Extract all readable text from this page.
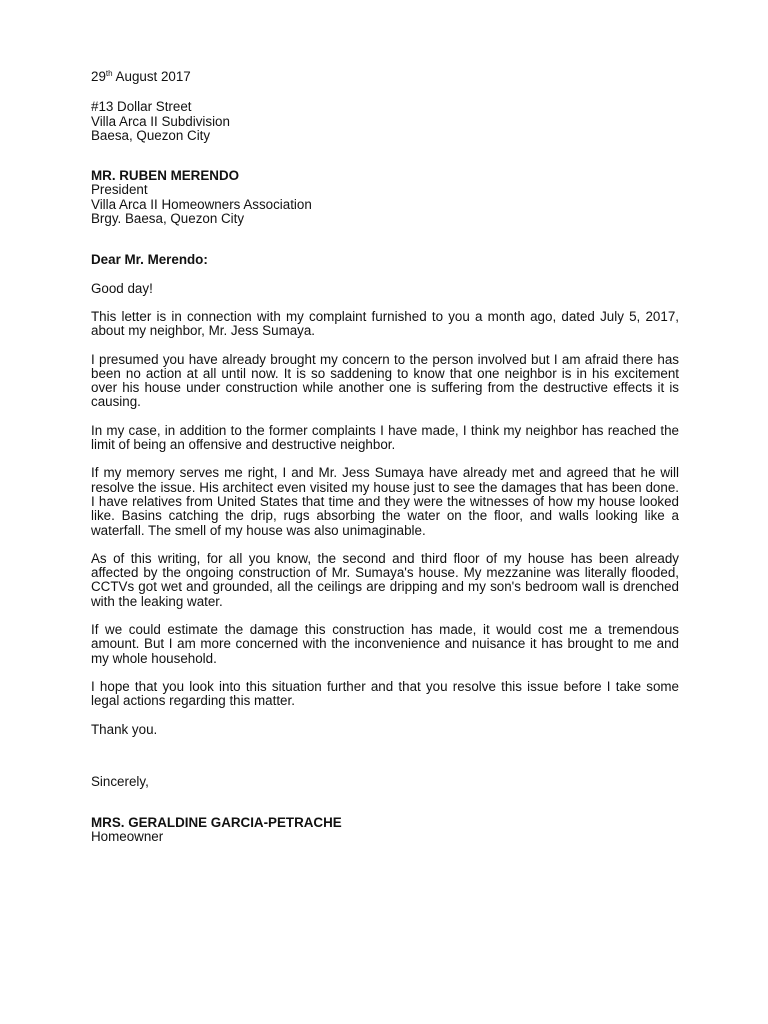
29th August 2017
#13 Dollar Street
Villa Arca II Subdivision
Baesa, Quezon City
MR. RUBEN MERENDO
President
Villa Arca II Homeowners Association
Brgy. Baesa, Quezon City
Dear Mr. Merendo:
Good day!

This letter is in connection with my complaint furnished to you a month ago, dated July 5, 2017, about my neighbor, Mr. Jess Sumaya.

I presumed you have already brought my concern to the person involved but I am afraid there has been no action at all until now. It is so saddening to know that one neighbor is in his excitement over his house under construction while another one is suffering from the destructive effects it is causing.

In my case, in addition to the former complaints I have made, I think my neighbor has reached the limit of being an offensive and destructive neighbor.

If my memory serves me right, I and Mr. Jess Sumaya have already met and agreed that he will resolve the issue. His architect even visited my house just to see the damages that has been done. I have relatives from United States that time and they were the witnesses of how my house looked like. Basins catching the drip, rugs absorbing the water on the floor, and walls looking like a waterfall. The smell of my house was also unimaginable.

As of this writing, for all you know, the second and third floor of my house has been already affected by the ongoing construction of Mr. Sumaya's house. My mezzanine was literally flooded, CCTVs got wet and grounded, all the ceilings are dripping and my son's bedroom wall is drenched with the leaking water.

If we could estimate the damage this construction has made, it would cost me a tremendous amount. But I am more concerned with the inconvenience and nuisance it has brought to me and my whole household.

I hope that you look into this situation further and that you resolve this issue before I take some legal actions regarding this matter.

Thank you.
Sincerely,
MRS. GERALDINE GARCIA-PETRACHE
Homeowner
